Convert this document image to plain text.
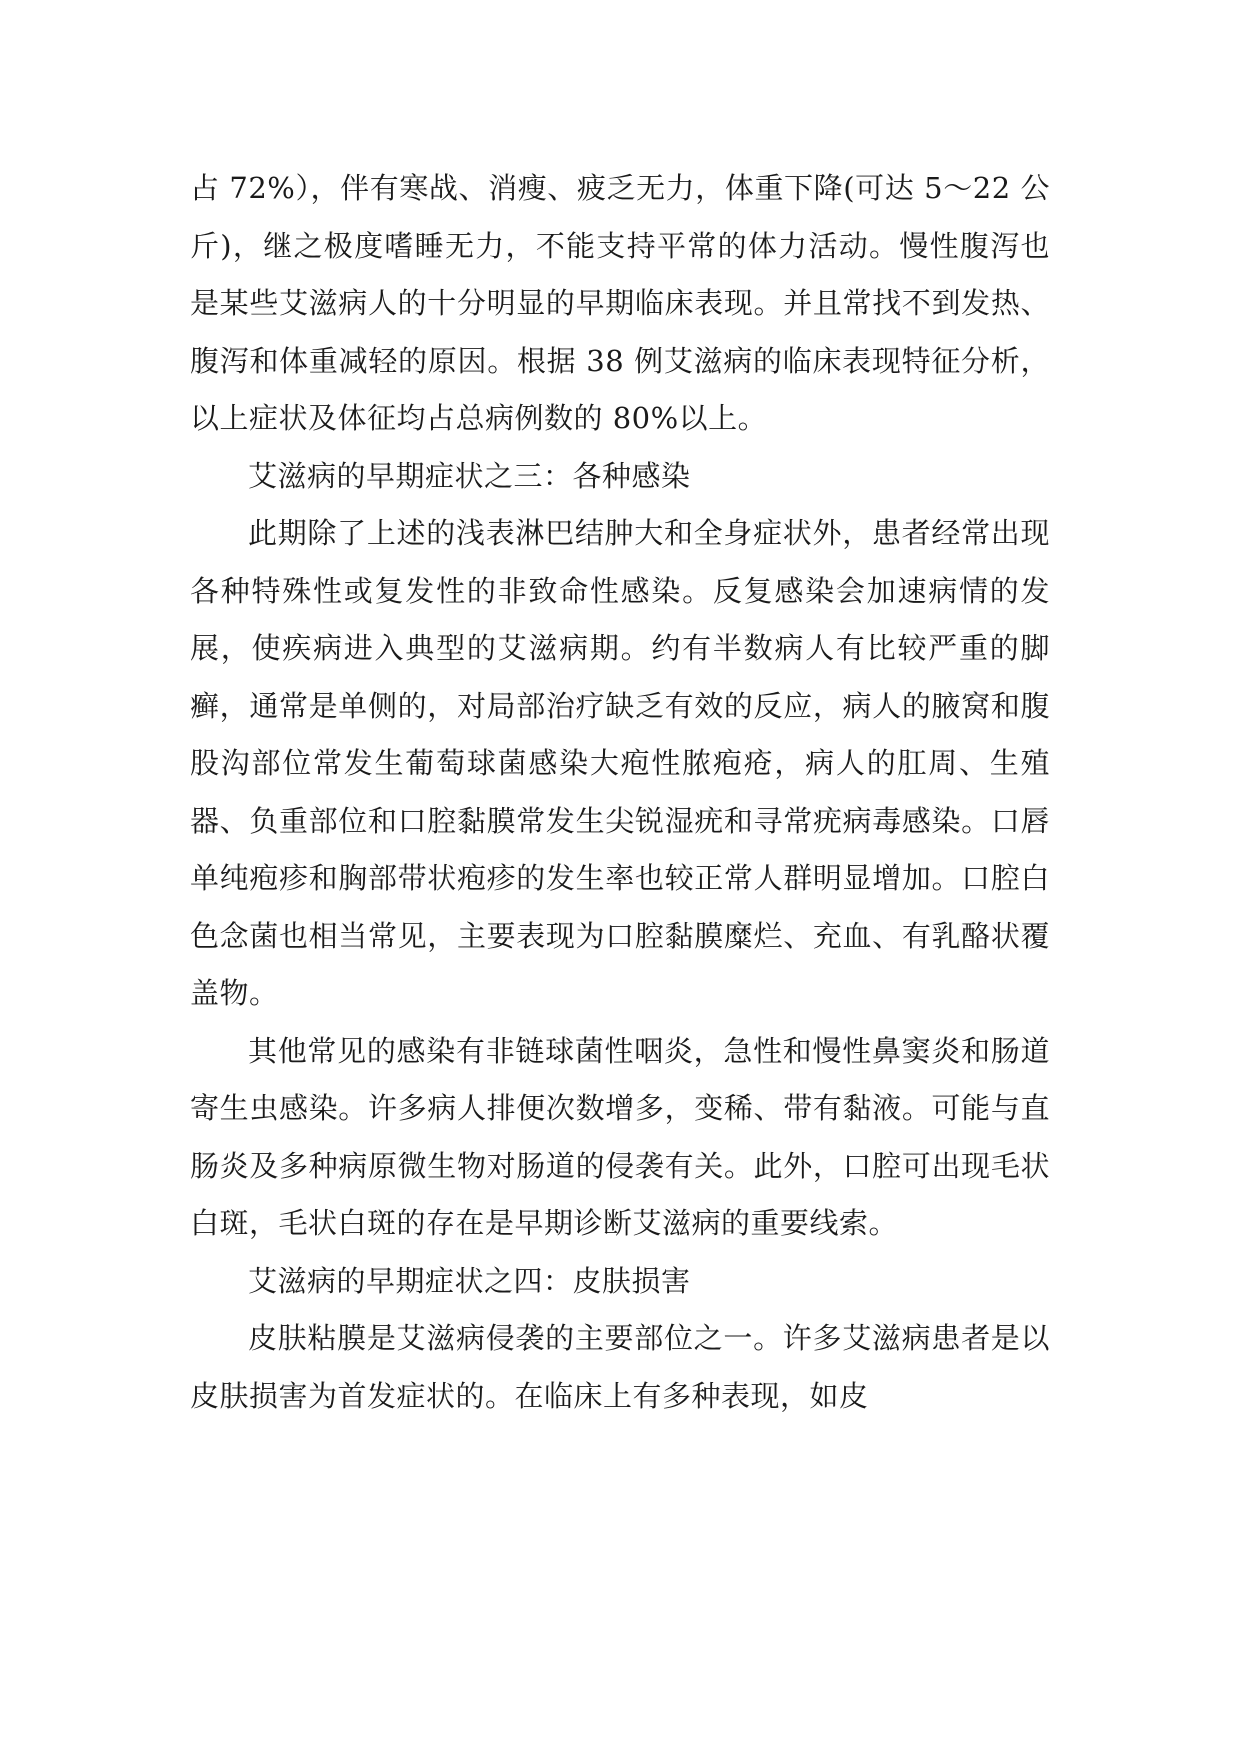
占 72%），伴有寒战、消瘦、疲乏无力，体重下降(可达 5～22 公斤)，继之极度嗜睡无力，不能支持平常的体力活动。慢性腹泻也是某些艾滋病人的十分明显的早期临床表现。并且常找不到发热、腹泻和体重减轻的原因。根据 38 例艾滋病的临床表现特征分析，以上症状及体征均占总病例数的 80%以上。

艾滋病的早期症状之三：各种感染

此期除了上述的浅表淋巴结肿大和全身症状外，患者经常出现各种特殊性或复发性的非致命性感染。反复感染会加速病情的发展，使疾病进入典型的艾滋病期。约有半数病人有比较严重的脚癣，通常是单侧的，对局部治疗缺乏有效的反应，病人的腋窝和腹股沟部位常发生葡萄球菌感染大疱性脓疱疮，病人的肛周、生殖器、负重部位和口腔黏膜常发生尖锐湿疣和寻常疣病毒感染。口唇单纯疱疹和胸部带状疱疹的发生率也较正常人群明显增加。口腔白色念菌也相当常见，主要表现为口腔黏膜糜烂、充血、有乳酪状覆盖物。

其他常见的感染有非链球菌性咽炎，急性和慢性鼻窦炎和肠道寄生虫感染。许多病人排便次数增多，变稀、带有黏液。可能与直肠炎及多种病原微生物对肠道的侵袭有关。此外，口腔可出现毛状白斑，毛状白斑的存在是早期诊断艾滋病的重要线索。

艾滋病的早期症状之四：皮肤损害

皮肤粘膜是艾滋病侵袭的主要部位之一。许多艾滋病患者是以皮肤损害为首发症状的。在临床上有多种表现，如皮
